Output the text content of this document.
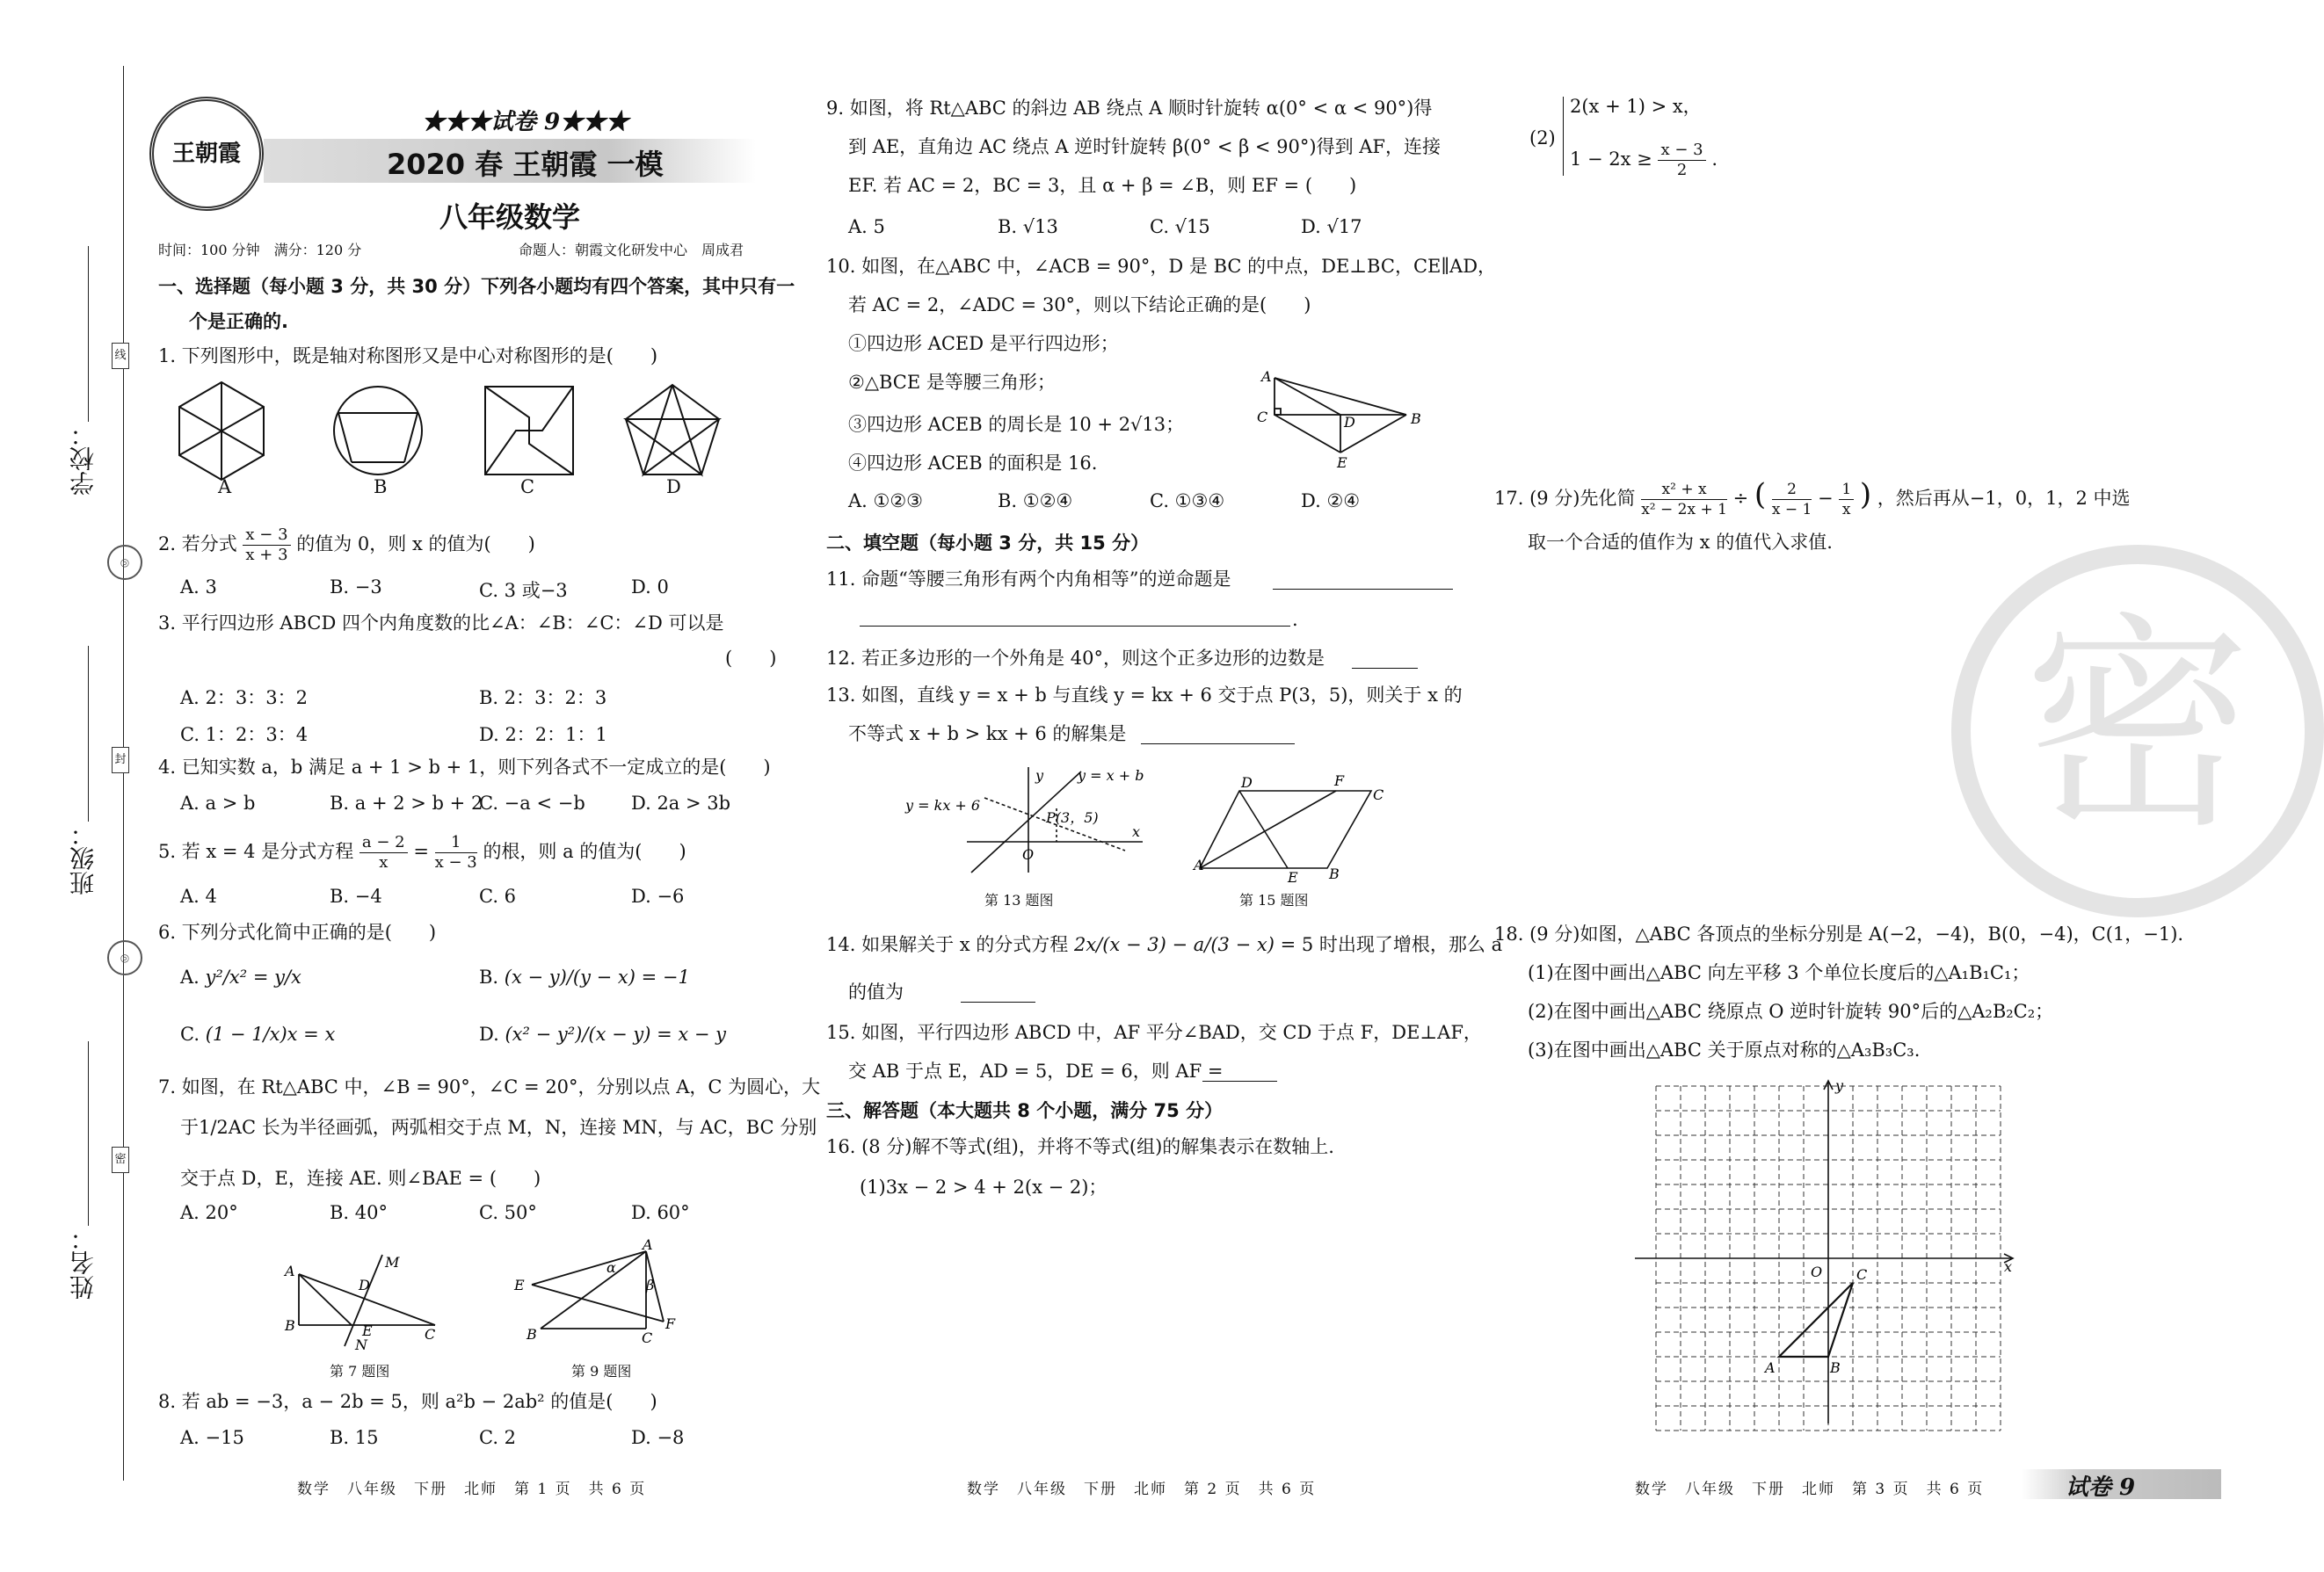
学校：
班级：
姓名：
线
封
密
◎
◎
王朝霞
★★★试卷 9★★★
2020 春 王朝霞 一模
八年级数学
时间：100 分钟　满分：120 分	命题人：朝霞文化研发中心　周成君
一、选择题（每小题 3 分，共 30 分）下列各小题均有四个答案，其中只有一
个是正确的.
1. 下列图形中，既是轴对称图形又是中心对称图形的是(　　)
A	B	C	D
2. 若分式 $\frac{x - 3}{x + 3}$ 的值为 0，则 x 的值为(　　)
A. 3	B. −3	C. 3 或−3	D. 0
3. 平行四边形 ABCD 四个内角度数的比∠A：∠B：∠C：∠D 可以是
(　　)
A. 2：3：3：2	B. 2：3：2：3
C. 1：2：3：4	D. 2：2：1：1
4. 已知实数 a，b 满足 a + 1 > b + 1，则下列各式不一定成立的是(　　)
A. a > b	B. a + 2 > b + 2
C. −a < −b D. 2a > 3b
5. 若 x = 4 是分式方程 $\frac{a - 2}{x} = \frac{1}{x - 3}$ 的根，则 a 的值为(　　)
A. 4	B. −4	C. 6	D. −6
6. 下列分式化简中正确的是(　　)
A. y²/x² = y/x	B. (x − y)/(y − x) = −1
C. (1 − 1/x)x = x	D. (x² − y²)/(x − y) = x − y
7. 如图，在 Rt△ABC 中，∠B = 90°，∠C = 20°，分别以点 A，C 为圆心，大
于1/2AC 长为半径画弧，两弧相交于点 M，N，连接 MN，与 AC，BC 分别
交于点 D，E，连接 AE. 则∠BAE = (　　)
A. 20°	B. 40°	C. 50°	D. 60°
A
B
C
D
E
M
N
第 7 题图
A
B	C
E
F
α
β
第 9 题图
8. 若 ab = −3，a − 2b = 5，则 a²b − 2ab² 的值是(　　)
A. −15	B. 15	C. 2	D. −8
数学　八年级　下册　北师　第 1 页　共 6 页
9. 如图，将 Rt△ABC 的斜边 AB 绕点 A 顺时针旋转 α(0° < α < 90°)得
到 AE，直角边 AC 绕点 A 逆时针旋转 β(0° < β < 90°)得到 AF，连接
EF. 若 AC = 2，BC = 3，且 α + β = ∠B，则 EF = (　　)
A. 5	B. √13	C. √15	D. √17
10. 如图，在△ABC 中，∠ACB = 90°，D 是 BC 的中点，DE⊥BC，CE∥AD，
若 AC = 2，∠ADC = 30°，则以下结论正确的是(　　)
①四边形 ACED 是平行四边形；
②△BCE 是等腰三角形；
③四边形 ACEB 的周长是 10 + 2√13；
④四边形 ACEB 的面积是 16.
A
C	D	B
E
A. ①②③	B. ①②④	C. ①③④	D. ②④
二、填空题（每小题 3 分，共 15 分）
11. 命题“等腰三角形有两个内角相等”的逆命题是
.
12. 若正多边形的一个外角是 40°，则这个正多边形的边数是
13. 如图，直线 y = x + b 与直线 y = kx + 6 交于点 P(3，5)，则关于 x 的
不等式 x + b > kx + 6 的解集是
y
x
O
y = x + b
y = kx + 6
P(3，5)
第 13 题图
D	F
C
A
E B
第 15 题图
14. 如果解关于 x 的分式方程 2x/(x − 3) − a/(3 − x) = 5 时出现了增根，那么 a
的值为
15. 如图，平行四边形 ABCD 中，AF 平分∠BAD，交 CD 于点 F，DE⊥AF，
交 AB 于点 E，AD = 5，DE = 6，则 AF =
三、解答题（本大题共 8 个小题，满分 75 分）
16. (8 分)解不等式(组)，并将不等式(组)的解集表示在数轴上.
(1)3x − 2 > 4 + 2(x − 2)；
数学　八年级　下册　北师　第 2 页　共 6 页
(2)
2(x + 1) > x，
$1 - 2x \ge \frac{x - 3}{2}$ .
17. (9 分)先化简 $\frac{\text{x² + x}}{\text{x² − 2x + 1}}$ ÷ ( $\frac{2}{x - 1} - \frac{1}{x}$ ) ，然后再从−1，0，1，2 中选
取一个合适的值作为 x 的值代入求值.
密
18. (9 分)如图，△ABC 各顶点的坐标分别是 A(−2，−4)，B(0，−4)，C(1，−1).
(1)在图中画出△ABC 向左平移 3 个单位长度后的△A₁B₁C₁；
(2)在图中画出△ABC 绕原点 O 逆时针旋转 90°后的△A₂B₂C₂；
(3)在图中画出△ABC 关于原点对称的△A₃B₃C₃.
x
y
O
A	B
C
数学　八年级　下册　北师　第 3 页　共 6 页	试卷 9
